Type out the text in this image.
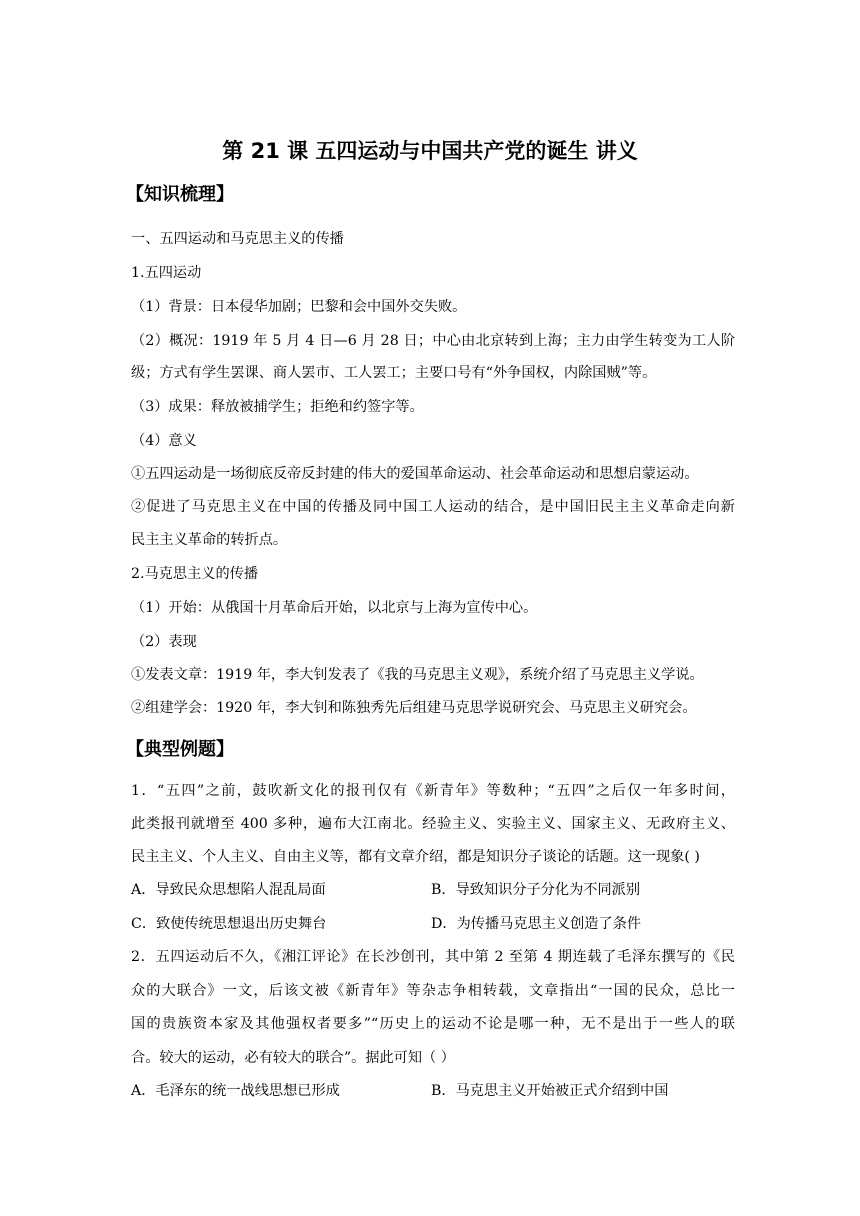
第 21 课 五四运动与中国共产党的诞生 讲义
【知识梳理】
一、五四运动和马克思主义的传播
1.五四运动
（1）背景：日本侵华加剧；巴黎和会中国外交失败。
（2）概况：1919 年 5 月 4 日—6 月 28 日；中心由北京转到上海；主力由学生转变为工人阶
级；方式有学生罢课、商人罢市、工人罢工；主要口号有“外争国权，内除国贼”等。
（3）成果：释放被捕学生；拒绝和约签字等。
（4）意义
①五四运动是一场彻底反帝反封建的伟大的爱国革命运动、社会革命运动和思想启蒙运动。
②促进了马克思主义在中国的传播及同中国工人运动的结合，是中国旧民主主义革命走向新
民主主义革命的转折点。
2.马克思主义的传播
（1）开始：从俄国十月革命后开始，以北京与上海为宣传中心。
（2）表现
①发表文章：1919 年，李大钊发表了《我的马克思主义观》，系统介绍了马克思主义学说。
②组建学会：1920 年，李大钊和陈独秀先后组建马克思学说研究会、马克思主义研究会。
【典型例题】
1．“五四”之前，鼓吹新文化的报刊仅有《新青年》等数种；“五四”之后仅一年多时间，
此类报刊就增至 400 多种，遍布大江南北。经验主义、实验主义、国家主义、无政府主义、
民主主义、个人主义、自由主义等，都有文章介绍，都是知识分子谈论的话题。这一现象( )
A．导致民众思想陷人混乱局面	B．导致知识分子分化为不同派别
C．致使传统思想退出历史舞台	D．为传播马克思主义创造了条件
2．五四运动后不久，《湘江评论》在长沙创刊，其中第 2 至第 4 期连载了毛泽东撰写的《民
众的大联合》一文，后该文被《新青年》等杂志争相转载，文章指出“一国的民众，总比一
国的贵族资本家及其他强权者要多”“历史上的运动不论是哪一种，无不是出于一些人的联
合。较大的运动，必有较大的联合”。据此可知（ ）
A．毛泽东的统一战线思想已形成	B．马克思主义开始被正式介绍到中国
